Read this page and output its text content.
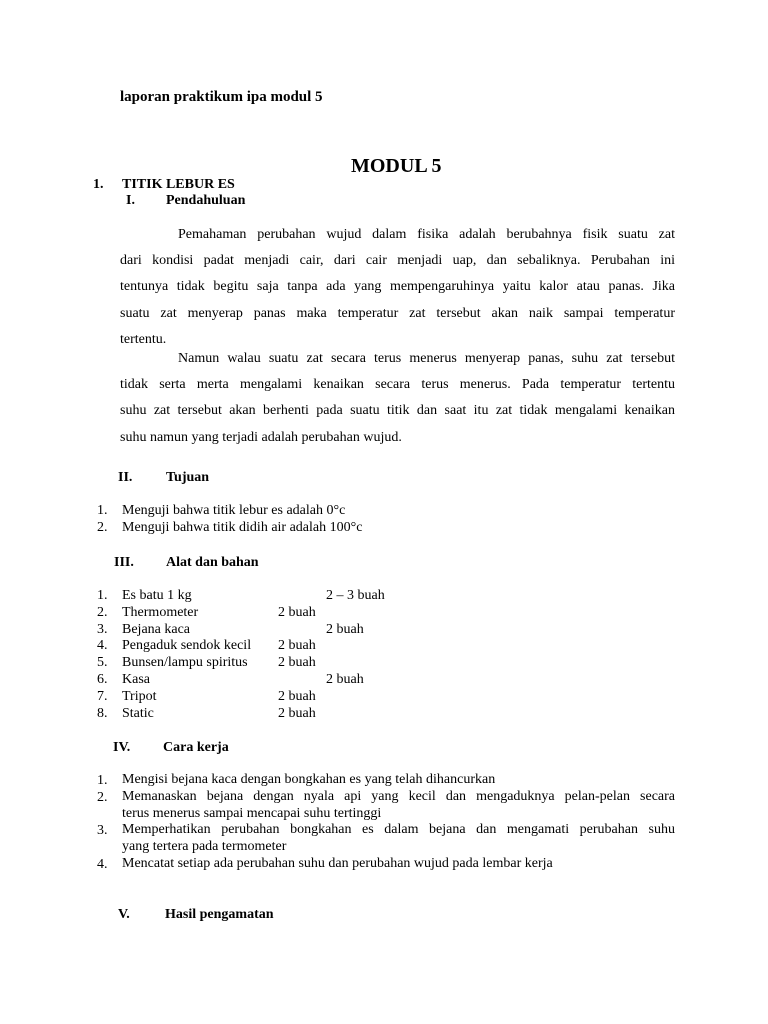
laporan praktikum ipa modul 5
MODUL 5
1. TITIK LEBUR ES
I. Pendahuluan
Pemahaman perubahan wujud dalam fisika adalah berubahnya fisik suatu zat
dari kondisi padat menjadi cair, dari cair menjadi uap, dan sebaliknya. Perubahan ini
tentunya tidak begitu saja tanpa ada yang mempengaruhinya yaitu kalor atau panas. Jika
suatu zat menyerap panas maka temperatur zat tersebut akan naik sampai temperatur
tertentu.
Namun walau suatu zat secara terus menerus menyerap panas, suhu zat tersebut
tidak serta merta mengalami kenaikan secara terus menerus. Pada temperatur tertentu
suhu zat tersebut akan berhenti pada suatu titik dan saat itu zat tidak mengalami kenaikan
suhu namun yang terjadi adalah perubahan wujud.
II. Tujuan
1.	Menguji bahwa titik lebur es adalah 0°c
2.	Menguji bahwa titik didih air adalah 100°c
III. Alat dan bahan
1.	Es batu 1 kg	2 – 3 buah
2.	Thermometer	2 buah
3.	Bejana kaca	2 buah
4.	Pengaduk sendok kecil 2 buah
5.	Bunsen/lampu spiritus 2 buah
6.	Kasa	2 buah
7.	Tripot	2 buah
8.	Static	2 buah
IV. Cara kerja
1.	Mengisi bejana kaca dengan bongkahan es yang telah dihancurkan
2.	Memanaskan bejana dengan nyala api yang kecil dan mengaduknya pelan-pelan secara
terus menerus sampai mencapai suhu tertinggi
3.	Memperhatikan perubahan bongkahan es dalam bejana dan mengamati perubahan suhu
yang tertera pada termometer
4.	Mencatat setiap ada perubahan suhu dan perubahan wujud pada lembar kerja
V.	Hasil pengamatan
